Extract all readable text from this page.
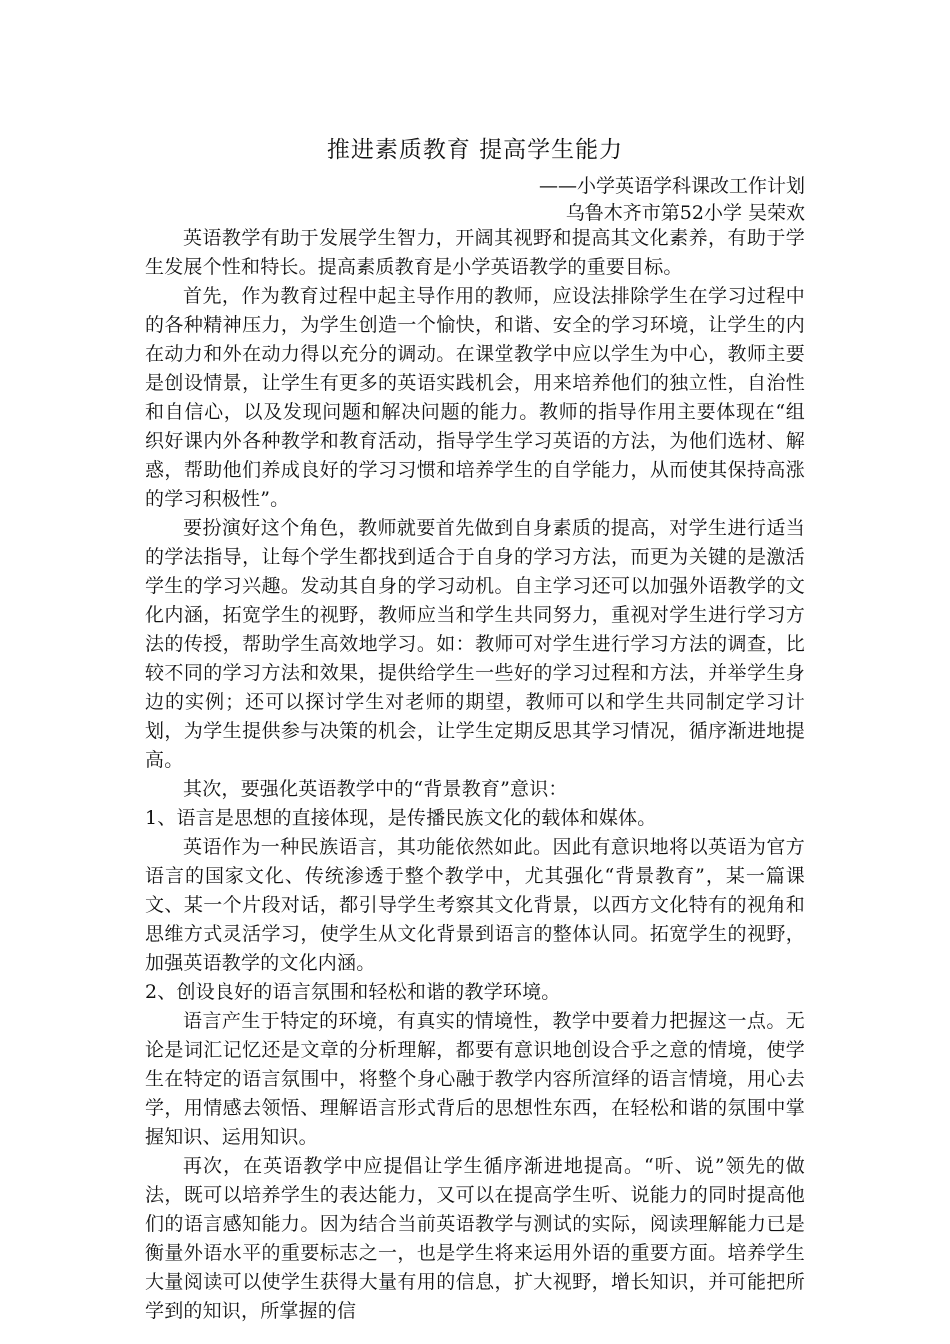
推进素质教育 提高学生能力

——小学英语学科课改工作计划

乌鲁木齐市第52小学 吴荣欢

英语教学有助于发展学生智力，开阔其视野和提高其文化素养，有助于学生发展个性和特长。提高素质教育是小学英语教学的重要目标。

首先，作为教育过程中起主导作用的教师，应设法排除学生在学习过程中的各种精神压力，为学生创造一个愉快，和谐、安全的学习环境，让学生的内在动力和外在动力得以充分的调动。在课堂教学中应以学生为中心，教师主要是创设情景，让学生有更多的英语实践机会，用来培养他们的独立性，自治性和自信心，以及发现问题和解决问题的能力。教师的指导作用主要体现在“组织好课内外各种教学和教育活动，指导学生学习英语的方法，为他们选材、解惑，帮助他们养成良好的学习习惯和培养学生的自学能力，从而使其保持高涨的学习积极性”。

要扮演好这个角色，教师就要首先做到自身素质的提高，对学生进行适当的学法指导，让每个学生都找到适合于自身的学习方法，而更为关键的是激活学生的学习兴趣。发动其自身的学习动机。自主学习还可以加强外语教学的文化内涵，拓宽学生的视野，教师应当和学生共同努力，重视对学生进行学习方法的传授，帮助学生高效地学习。如：教师可对学生进行学习方法的调查，比较不同的学习方法和效果，提供给学生一些好的学习过程和方法，并举学生身边的实例；还可以探讨学生对老师的期望，教师可以和学生共同制定学习计划，为学生提供参与决策的机会，让学生定期反思其学习情况，循序渐进地提高。

其次，要强化英语教学中的“背景教育”意识：

1、语言是思想的直接体现，是传播民族文化的载体和媒体。

英语作为一种民族语言，其功能依然如此。因此有意识地将以英语为官方语言的国家文化、传统渗透于整个教学中，尤其强化“背景教育”，某一篇课文、某一个片段对话，都引导学生考察其文化背景，以西方文化特有的视角和思维方式灵活学习，使学生从文化背景到语言的整体认同。拓宽学生的视野，加强英语教学的文化内涵。

2、创设良好的语言氛围和轻松和谐的教学环境。

语言产生于特定的环境，有真实的情境性，教学中要着力把握这一点。无论是词汇记忆还是文章的分析理解，都要有意识地创设合乎之意的情境，使学生在特定的语言氛围中，将整个身心融于教学内容所渲绎的语言情境，用心去学，用情感去领悟、理解语言形式背后的思想性东西，在轻松和谐的氛围中掌握知识、运用知识。

再次，在英语教学中应提倡让学生循序渐进地提高。“听、说”领先的做法，既可以培养学生的表达能力，又可以在提高学生听、说能力的同时提高他们的语言感知能力。因为结合当前英语教学与测试的实际，阅读理解能力已是衡量外语水平的重要标志之一，也是学生将来运用外语的重要方面。培养学生大量阅读可以使学生获得大量有用的信息，扩大视野，增长知识，并可能把所学到的知识，所掌握的信
